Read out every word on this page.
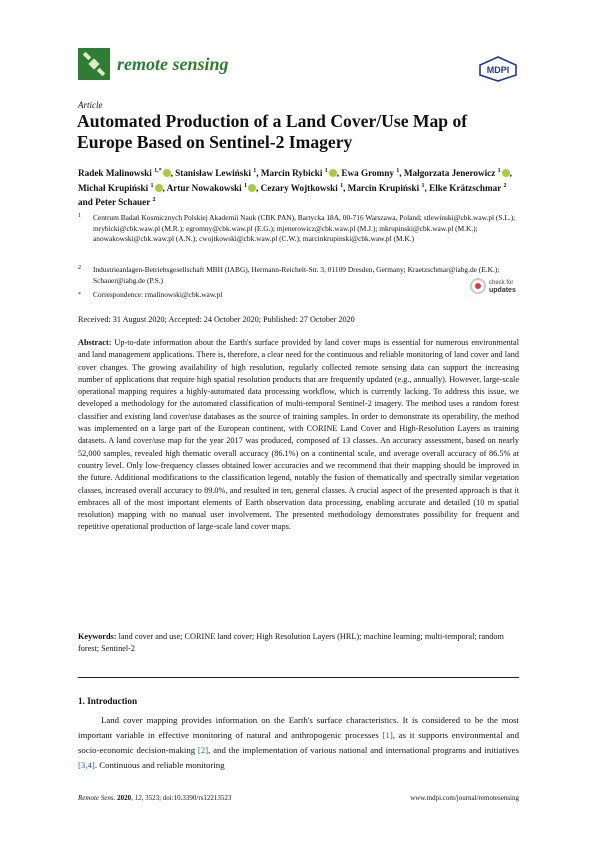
remote sensing	MDPI
Article
Automated Production of a Land Cover/Use Map of Europe Based on Sentinel-2 Imagery
Radek Malinowski $^{1,*}$ , Stanisław Lewiński $^1$, Marcin Rybicki $^1$ , Ewa Gromny $^1$, Małgorzata Jenerowicz $^1$ , Michał Krupiński $^1$ , Artur Nowakowski $^1$ , Cezary Wojtkowski $^1$, Marcin Krupiński $^1$, Elke Krätzschmar $^2$ and Peter Schauer $^2$
1 Centrum Badań Kosmicznych Polskiej Akademii Nauk (CBK PAN), Bartycka 18A, 00-716 Warszawa, Poland; stlewinski@cbk.waw.pl (S.L.); mrybicki@cbk.waw.pl (M.R.); egromny@cbk.waw.pl (E.G.); mjenerowicz@cbk.waw.pl (M.J.); mkrupinski@cbk.waw.pl (M.K.); anowakowski@cbk.waw.pl (A.N.); cwojtkowski@cbk.waw.pl (C.W.); marcinkrupinski@cbk.waw.pl (M.K.)
2 Industrieanlagen-Betriebsgesellschaft MBH (IABG), Hermann-Reichelt-Str. 3, 01109 Dresden, Germany; Kraetzschmar@iabg.de (E.K.); Schauer@iabg.de (P.S.)
* Correspondence: rmalinowski@cbk.waw.pl
check for
updates
Received: 31 August 2020; Accepted: 24 October 2020; Published: 27 October 2020
Abstract: Up-to-date information about the Earth's surface provided by land cover maps is essential for numerous environmental and land management applications. There is, therefore, a clear need for the continuous and reliable monitoring of land cover and land cover changes. The growing availability of high resolution, regularly collected remote sensing data can support the increasing number of applications that require high spatial resolution products that are frequently updated (e.g., annually). However, large-scale operational mapping requires a highly-automated data processing workflow, which is currently lacking. To address this issue, we developed a methodology for the automated classification of multi-temporal Sentinel-2 imagery. The method uses a random forest classifier and existing land cover/use databases as the source of training samples. In order to demonstrate its operability, the method was implemented on a large part of the European continent, with CORINE Land Cover and High-Resolution Layers as training datasets. A land cover/use map for the year 2017 was produced, composed of 13 classes. An accuracy assessment, based on nearly 52,000 samples, revealed high thematic overall accuracy (86.1%) on a continental scale, and average overall accuracy of 86.5% at country level. Only low-frequency classes obtained lower accuracies and we recommend that their mapping should be improved in the future. Additional modifications to the classification legend, notably the fusion of thematically and spectrally similar vegetation classes, increased overall accuracy to 89.0%, and resulted in ten, general classes. A crucial aspect of the presented approach is that it embraces all of the most important elements of Earth observation data processing, enabling accurate and detailed (10 m spatial resolution) mapping with no manual user involvement. The presented methodology demonstrates possibility for frequent and repetitive operational production of large-scale land cover maps.
Keywords: land cover and use; CORINE land cover; High Resolution Layers (HRL); machine learning; multi-temporal; random forest; Sentinel-2
1. Introduction
Land cover mapping provides information on the Earth's surface characteristics. It is considered to be the most important variable in effective monitoring of natural and anthropogenic processes [1], as it supports environmental and socio-economic decision-making [2], and the implementation of various national and international programs and initiatives [3,4]. Continuous and reliable monitoring
Remote Sens. 2020, 12, 3523; doi:10.3390/rs12213523	www.mdpi.com/journal/remotesensing
